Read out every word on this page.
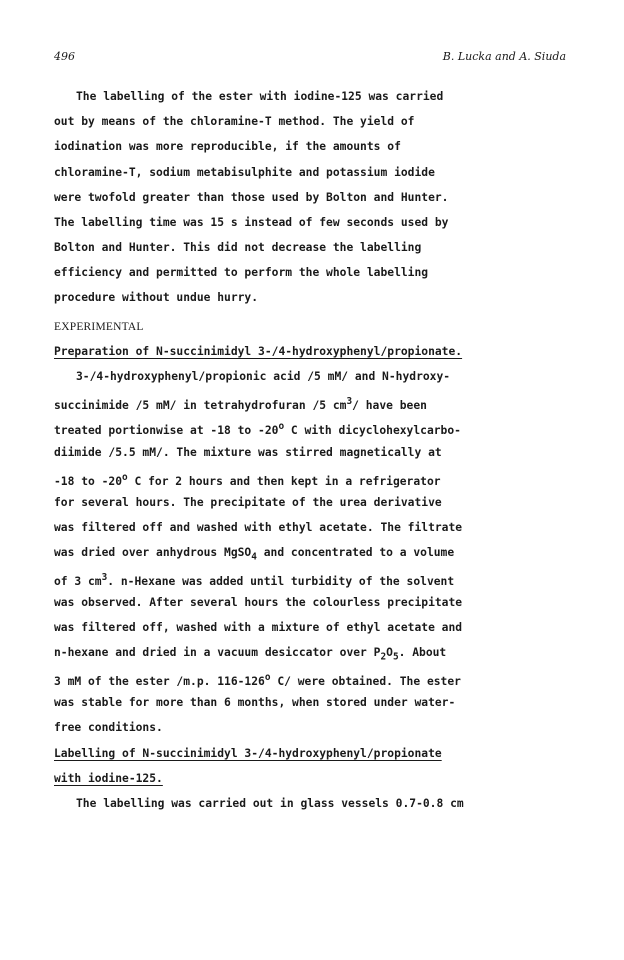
496	B. Lucka and A. Siuda
The labelling of the ester with iodine-125 was carried
out by means of the chloramine-T method. The yield of
iodination was more reproducible, if the amounts of
chloramine-T, sodium metabisulphite and potassium iodide
were twofold greater than those used by Bolton and Hunter.
The labelling time was 15 s instead of few seconds used by
Bolton and Hunter. This did not decrease the labelling
efficiency and permitted to perform the whole labelling
procedure without undue hurry.
EXPERIMENTAL
Preparation of N-succinimidyl 3-/4-hydroxyphenyl/propionate.
3-/4-hydroxyphenyl/propionic acid /5 mM/ and N-hydroxy-
succinimide /5 mM/ in tetrahydrofuran /5 $cm^3/$ have been
treated portionwise at -18 to -20$^o$ C with dicyclohexylcarbo-
diimide /5.5 mM/. The mixture was stirred magnetically at
-18 to -20$^o$ C for 2 hours and then kept in a refrigerator
for several hours. The precipitate of the urea derivative
was filtered off and washed with ethyl acetate. The filtrate
was dried over anhydrous MgSO$_4$ and concentrated to a volume
of 3 $cm^3$. n-Hexane was added until turbidity of the solvent
was observed. After several hours the colourless precipitate
was filtered off, washed with a mixture of ethyl acetate and
n-hexane and dried in a vacuum desiccator over $P_2O_5$. About
3 mM of the ester /m.p. 116-126$^o$ C/ were obtained. The ester
was stable for more than 6 months, when stored under water-
free conditions.
Labelling of N-succinimidyl 3-/4-hydroxyphenyl/propionate
with iodine-125.
The labelling was carried out in glass vessels 0.7-0.8 cm
